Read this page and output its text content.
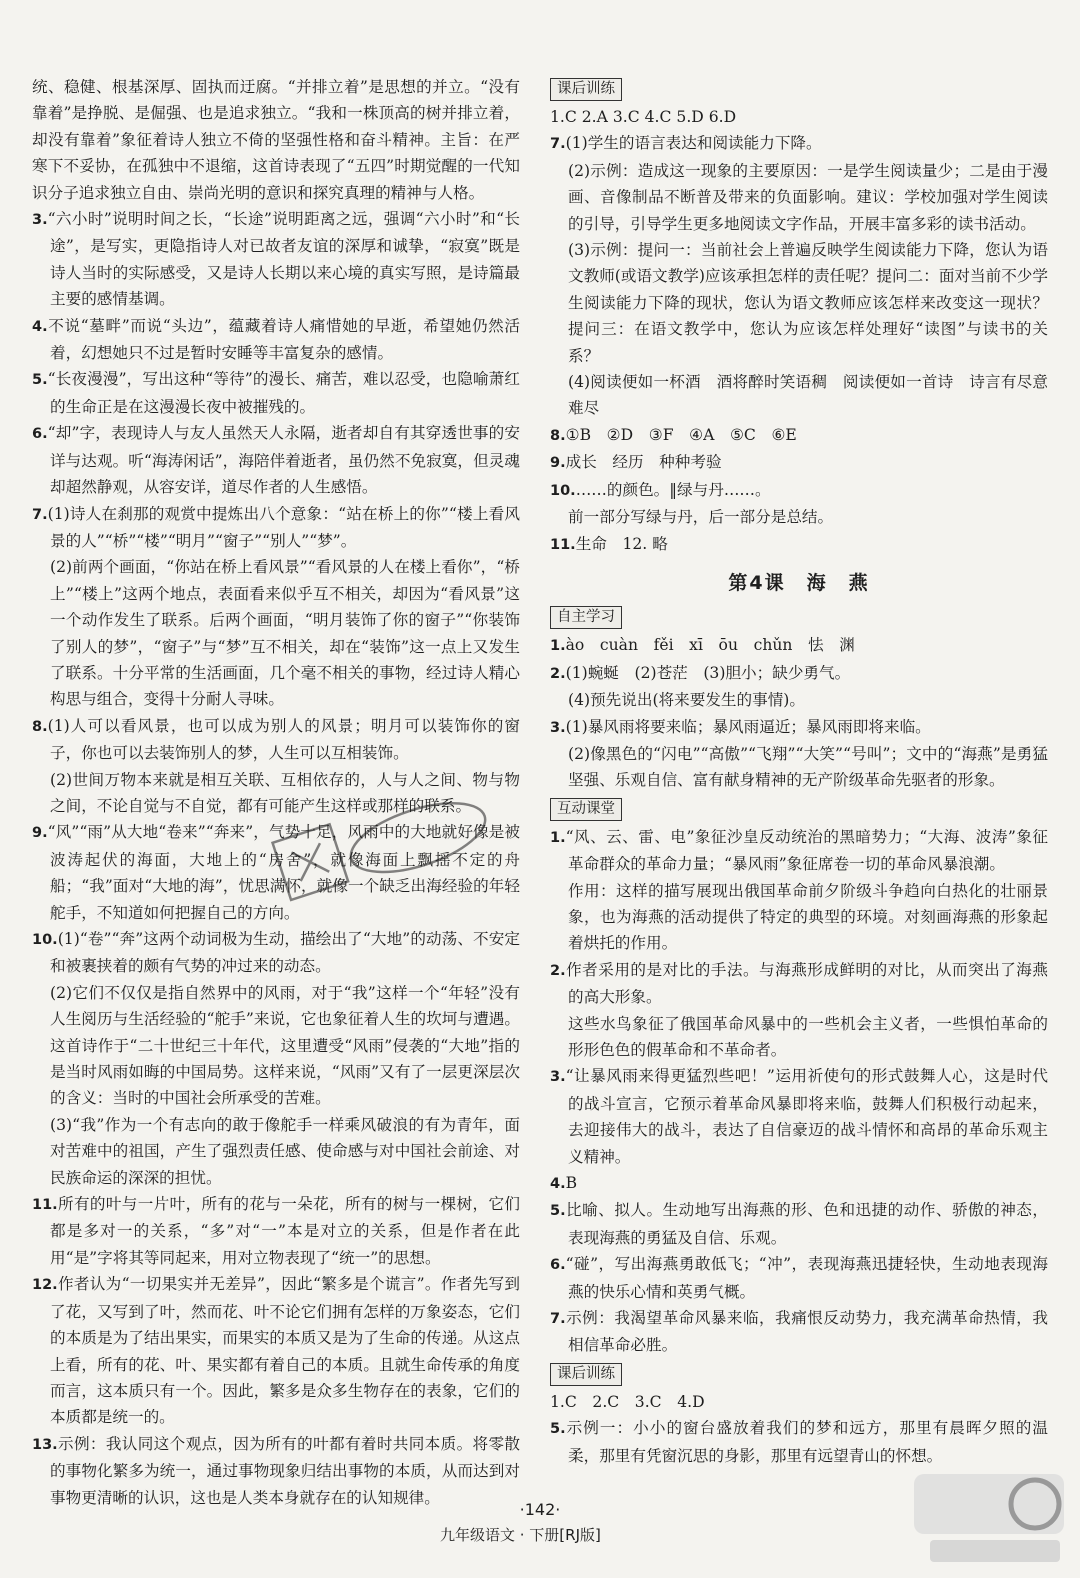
统、稳健、根基深厚、固执而迂腐。“并排立着”是思想的并立。“没有靠着”是挣脱、是倔强、也是追求独立。“我和一株顶高的树并排立着，却没有靠着”象征着诗人独立不倚的坚强性格和奋斗精神。主旨：在严寒下不妥协，在孤独中不退缩，这首诗表现了“五四”时期觉醒的一代知识分子追求独立自由、崇尚光明的意识和探究真理的精神与人格。

3.“六小时”说明时间之长，“长途”说明距离之远，强调“六小时”和“长途”，是写实，更隐指诗人对已故者友谊的深厚和诚挚，“寂寞”既是诗人当时的实际感受，又是诗人长期以来心境的真实写照，是诗篇最主要的感情基调。

4.不说“墓畔”而说“头边”，蕴藏着诗人痛惜她的早逝，希望她仍然活着，幻想她只不过是暂时安睡等丰富复杂的感情。

5.“长夜漫漫”，写出这种“等待”的漫长、痛苦，难以忍受，也隐喻萧红的生命正是在这漫漫长夜中被摧残的。

6.“却”字，表现诗人与友人虽然天人永隔，逝者却自有其穿透世事的安详与达观。听“海涛闲话”，海陪伴着逝者，虽仍然不免寂寞，但灵魂却超然静观，从容安详，道尽作者的人生感悟。

7.(1)诗人在刹那的观赏中提炼出八个意象：“站在桥上的你”“楼上看风景的人”“桥”“楼”“明月”“窗子”“别人”“梦”。

(2)前两个画面，“你站在桥上看风景”“看风景的人在楼上看你”，“桥上”“楼上”这两个地点，表面看来似乎互不相关，却因为“看风景”这一个动作发生了联系。后两个画面，“明月装饰了你的窗子”“你装饰了别人的梦”，“窗子”与“梦”互不相关，却在“装饰”这一点上又发生了联系。十分平常的生活画面，几个毫不相关的事物，经过诗人精心构思与组合，变得十分耐人寻味。

8.(1)人可以看风景，也可以成为别人的风景；明月可以装饰你的窗子，你也可以去装饰别人的梦，人生可以互相装饰。

(2)世间万物本来就是相互关联、互相依存的，人与人之间、物与物之间，不论自觉与不自觉，都有可能产生这样或那样的联系。

9.“风”“雨”从大地“卷来”“奔来”，气势十足，风雨中的大地就好像是被波涛起伏的海面，大地上的“房舍”，就像海面上飘摇不定的舟船；“我”面对“大地的海”，忧思满怀，就像一个缺乏出海经验的年轻舵手，不知道如何把握自己的方向。

10.(1)“卷”“奔”这两个动词极为生动，描绘出了“大地”的动荡、不安定和被裹挟着的颇有气势的冲过来的动态。

(2)它们不仅仅是指自然界中的风雨，对于“我”这样一个“年轻”没有人生阅历与生活经验的“舵手”来说，它也象征着人生的坎坷与遭遇。这首诗作于“二十世纪三十年代，这里遭受“风雨”侵袭的“大地”指的是当时风雨如晦的中国局势。这样来说，“风雨”又有了一层更深层次的含义：当时的中国社会所承受的苦难。

(3)“我”作为一个有志向的敢于像舵手一样乘风破浪的有为青年，面对苦难中的祖国，产生了强烈责任感、使命感与对中国社会前途、对民族命运的深深的担忧。

11.所有的叶与一片叶，所有的花与一朵花，所有的树与一棵树，它们都是多对一的关系，“多”对“一”本是对立的关系，但是作者在此用“是”字将其等同起来，用对立物表现了“统一”的思想。

12.作者认为“一切果实并无差异”，因此“繁多是个谎言”。作者先写到了花，又写到了叶，然而花、叶不论它们拥有怎样的万象姿态，它们的本质是为了结出果实，而果实的本质又是为了生命的传递。从这点上看，所有的花、叶、果实都有着自己的本质。且就生命传承的角度而言，这本质只有一个。因此，繁多是众多生物存在的表象，它们的本质都是统一的。

13.示例：我认同这个观点，因为所有的叶都有着时共同本质。将零散的事物化繁多为统一，通过事物现象归结出事物的本质，从而达到对事物更清晰的认识，这也是人类本身就存在的认知规律。

课后训练

1.C 2.A 3.C 4.C 5.D 6.D

7.(1)学生的语言表达和阅读能力下降。

(2)示例：造成这一现象的主要原因：一是学生阅读量少；二是由于漫画、音像制品不断普及带来的负面影响。建议：学校加强对学生阅读的引导，引导学生更多地阅读文字作品，开展丰富多彩的读书活动。

(3)示例：提问一：当前社会上普遍反映学生阅读能力下降，您认为语文教师(或语文教学)应该承担怎样的责任呢？提问二：面对当前不少学生阅读能力下降的现状，您认为语文教师应该怎样来改变这一现状？提问三：在语文教学中，您认为应该怎样处理好“读图”与读书的关系？

(4)阅读便如一杯酒　酒将醉时笑语稠　阅读便如一首诗　诗言有尽意难尽

8.①B　②D　③F　④A　⑤C　⑥E

9.成长　经历　种种考验

10.……的颜色。‖绿与丹……。

前一部分写绿与丹，后一部分是总结。

11.生命　12. 略

第4课　海　燕
自主学习

1.ào　cuàn　fěi　xī　ōu　chǔn　怯　渊

2.(1)蜿蜒　(2)苍茫　(3)胆小；缺少勇气。

(4)预先说出(将来要发生的事情)。

3.(1)暴风雨将要来临；暴风雨逼近；暴风雨即将来临。

(2)像黑色的“闪电”“高傲”“飞翔”“大笑”“号叫”；文中的“海燕”是勇猛坚强、乐观自信、富有献身精神的无产阶级革命先驱者的形象。

互动课堂

1.“风、云、雷、电”象征沙皇反动统治的黑暗势力；“大海、波涛”象征革命群众的革命力量；“暴风雨”象征席卷一切的革命风暴浪潮。

作用：这样的描写展现出俄国革命前夕阶级斗争趋向白热化的壮丽景象，也为海燕的活动提供了特定的典型的环境。对刻画海燕的形象起着烘托的作用。

2.作者采用的是对比的手法。与海燕形成鲜明的对比，从而突出了海燕的高大形象。

这些水鸟象征了俄国革命风暴中的一些机会主义者，一些惧怕革命的形形色色的假革命和不革命者。

3.“让暴风雨来得更猛烈些吧！”运用祈使句的形式鼓舞人心，这是时代的战斗宣言，它预示着革命风暴即将来临，鼓舞人们积极行动起来，去迎接伟大的战斗，表达了自信豪迈的战斗情怀和高昂的革命乐观主义精神。

4.B

5.比喻、拟人。生动地写出海燕的形、色和迅捷的动作、骄傲的神态，表现海燕的勇猛及自信、乐观。

6.“碰”，写出海燕勇敢低飞；“冲”，表现海燕迅捷轻快，生动地表现海燕的快乐心情和英勇气概。

7.示例：我渴望革命风暴来临，我痛恨反动势力，我充满革命热情，我相信革命必胜。

课后训练

1.C　2.C　3.C　4.D

5.示例一：小小的窗台盛放着我们的梦和远方，那里有晨晖夕照的温柔，那里有凭窗沉思的身影，那里有远望青山的怀想。

·142·
九年级语文 · 下册[RJ版]
